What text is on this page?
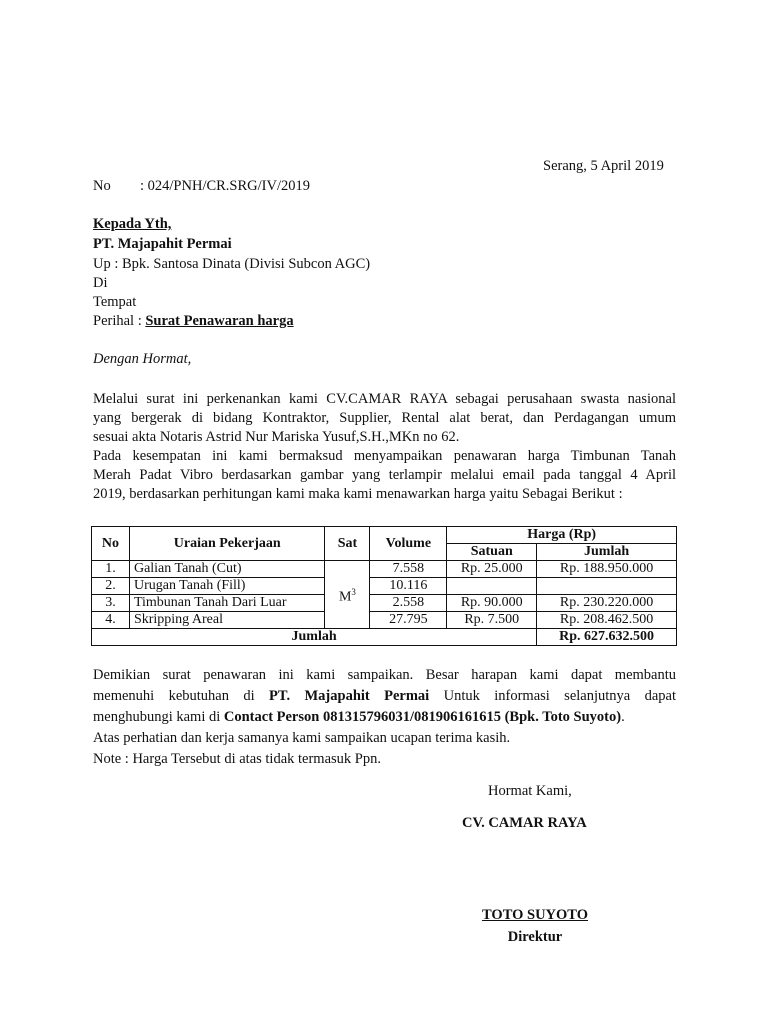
Serang, 5 April 2019
No : 024/PNH/CR.SRG/IV/2019
Kepada Yth,
PT. Majapahit Permai
Up : Bpk. Santosa Dinata (Divisi Subcon AGC)
Di
Tempat
Perihal : Surat Penawaran harga
Dengan Hormat,
Melalui surat ini perkenankan kami CV.CAMAR RAYA sebagai perusahaan swasta nasional
yang bergerak di bidang Kontraktor, Supplier, Rental alat berat, dan Perdagangan umum
sesuai akta Notaris Astrid Nur Mariska Yusuf,S.H.,MKn no 62.
Pada kesempatan ini kami bermaksud menyampaikan penawaran harga Timbunan Tanah
Merah Padat Vibro berdasarkan gambar yang terlampir melalui email pada tanggal 4 April
2019, berdasarkan perhitungan kami maka kami menawarkan harga yaitu Sebagai Berikut :
No	Uraian Pekerjaan	Sat	Volume	Harga (Rp)	
				Satuan	Jumlah
1.	Galian Tanah (Cut)	$M^3$	7.558	Rp. 25.000	Rp. 188.950.000
2.	Urugan Tanah (Fill)		10.116		
3.	Timbunan Tanah Dari Luar		2.558	Rp. 90.000	Rp. 230.220.000
4.	Skripping Areal		27.795	Rp. 7.500	Rp. 208.462.500
Jumlah					Rp. 627.632.500
Demikian surat penawaran ini kami sampaikan. Besar harapan kami dapat membantu
memenuhi kebutuhan di PT. Majapahit Permai Untuk informasi selanjutnya dapat
menghubungi kami di Contact Person 081315796031/081906161615 (Bpk. Toto Suyoto).
Atas perhatian dan kerja samanya kami sampaikan ucapan terima kasih.
Note : Harga Tersebut di atas tidak termasuk Ppn.
Hormat Kami,
CV. CAMAR RAYA
TOTO SUYOTO
Direktur
